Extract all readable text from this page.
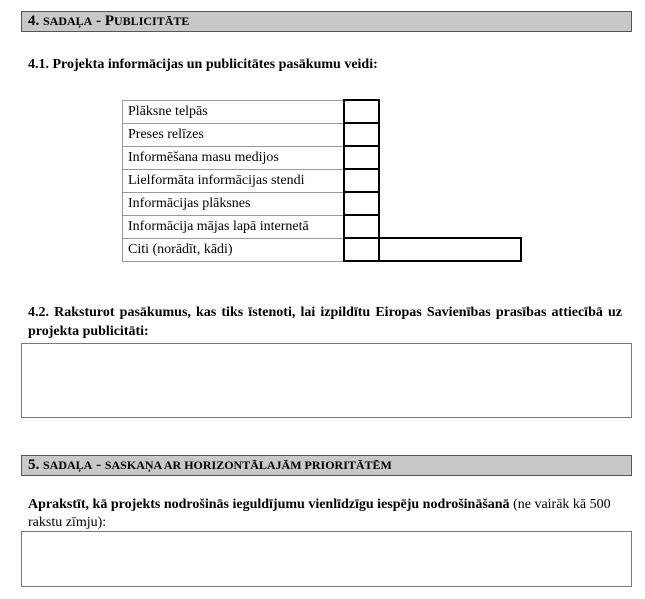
4. SADAĻA - PUBLICITĀTE
4.1. Projekta informācijas un publicitātes pasākumu veidi:
Plāksne telpās		
Preses relīzes		
Informēšana masu medijos		
Lielformāta informācijas stendi		
Informācijas plāksnes		
Informācija mājas lapā internetā		
Citi (norādīt, kādi)		
4.2. Raksturot pasākumus, kas tiks īstenoti, lai izpildītu Eiropas Savienības prasības attiecībā uz projekta publicitāti:
5. SADAĻA - SASKAŅA AR HORIZONTĀLAJĀM PRIORITĀTĒM
Aprakstīt, kā projekts nodrošinās ieguldījumu vienlīdzīgu iespēju nodrošināšanā (ne vairāk kā 500 rakstu zīmju):
